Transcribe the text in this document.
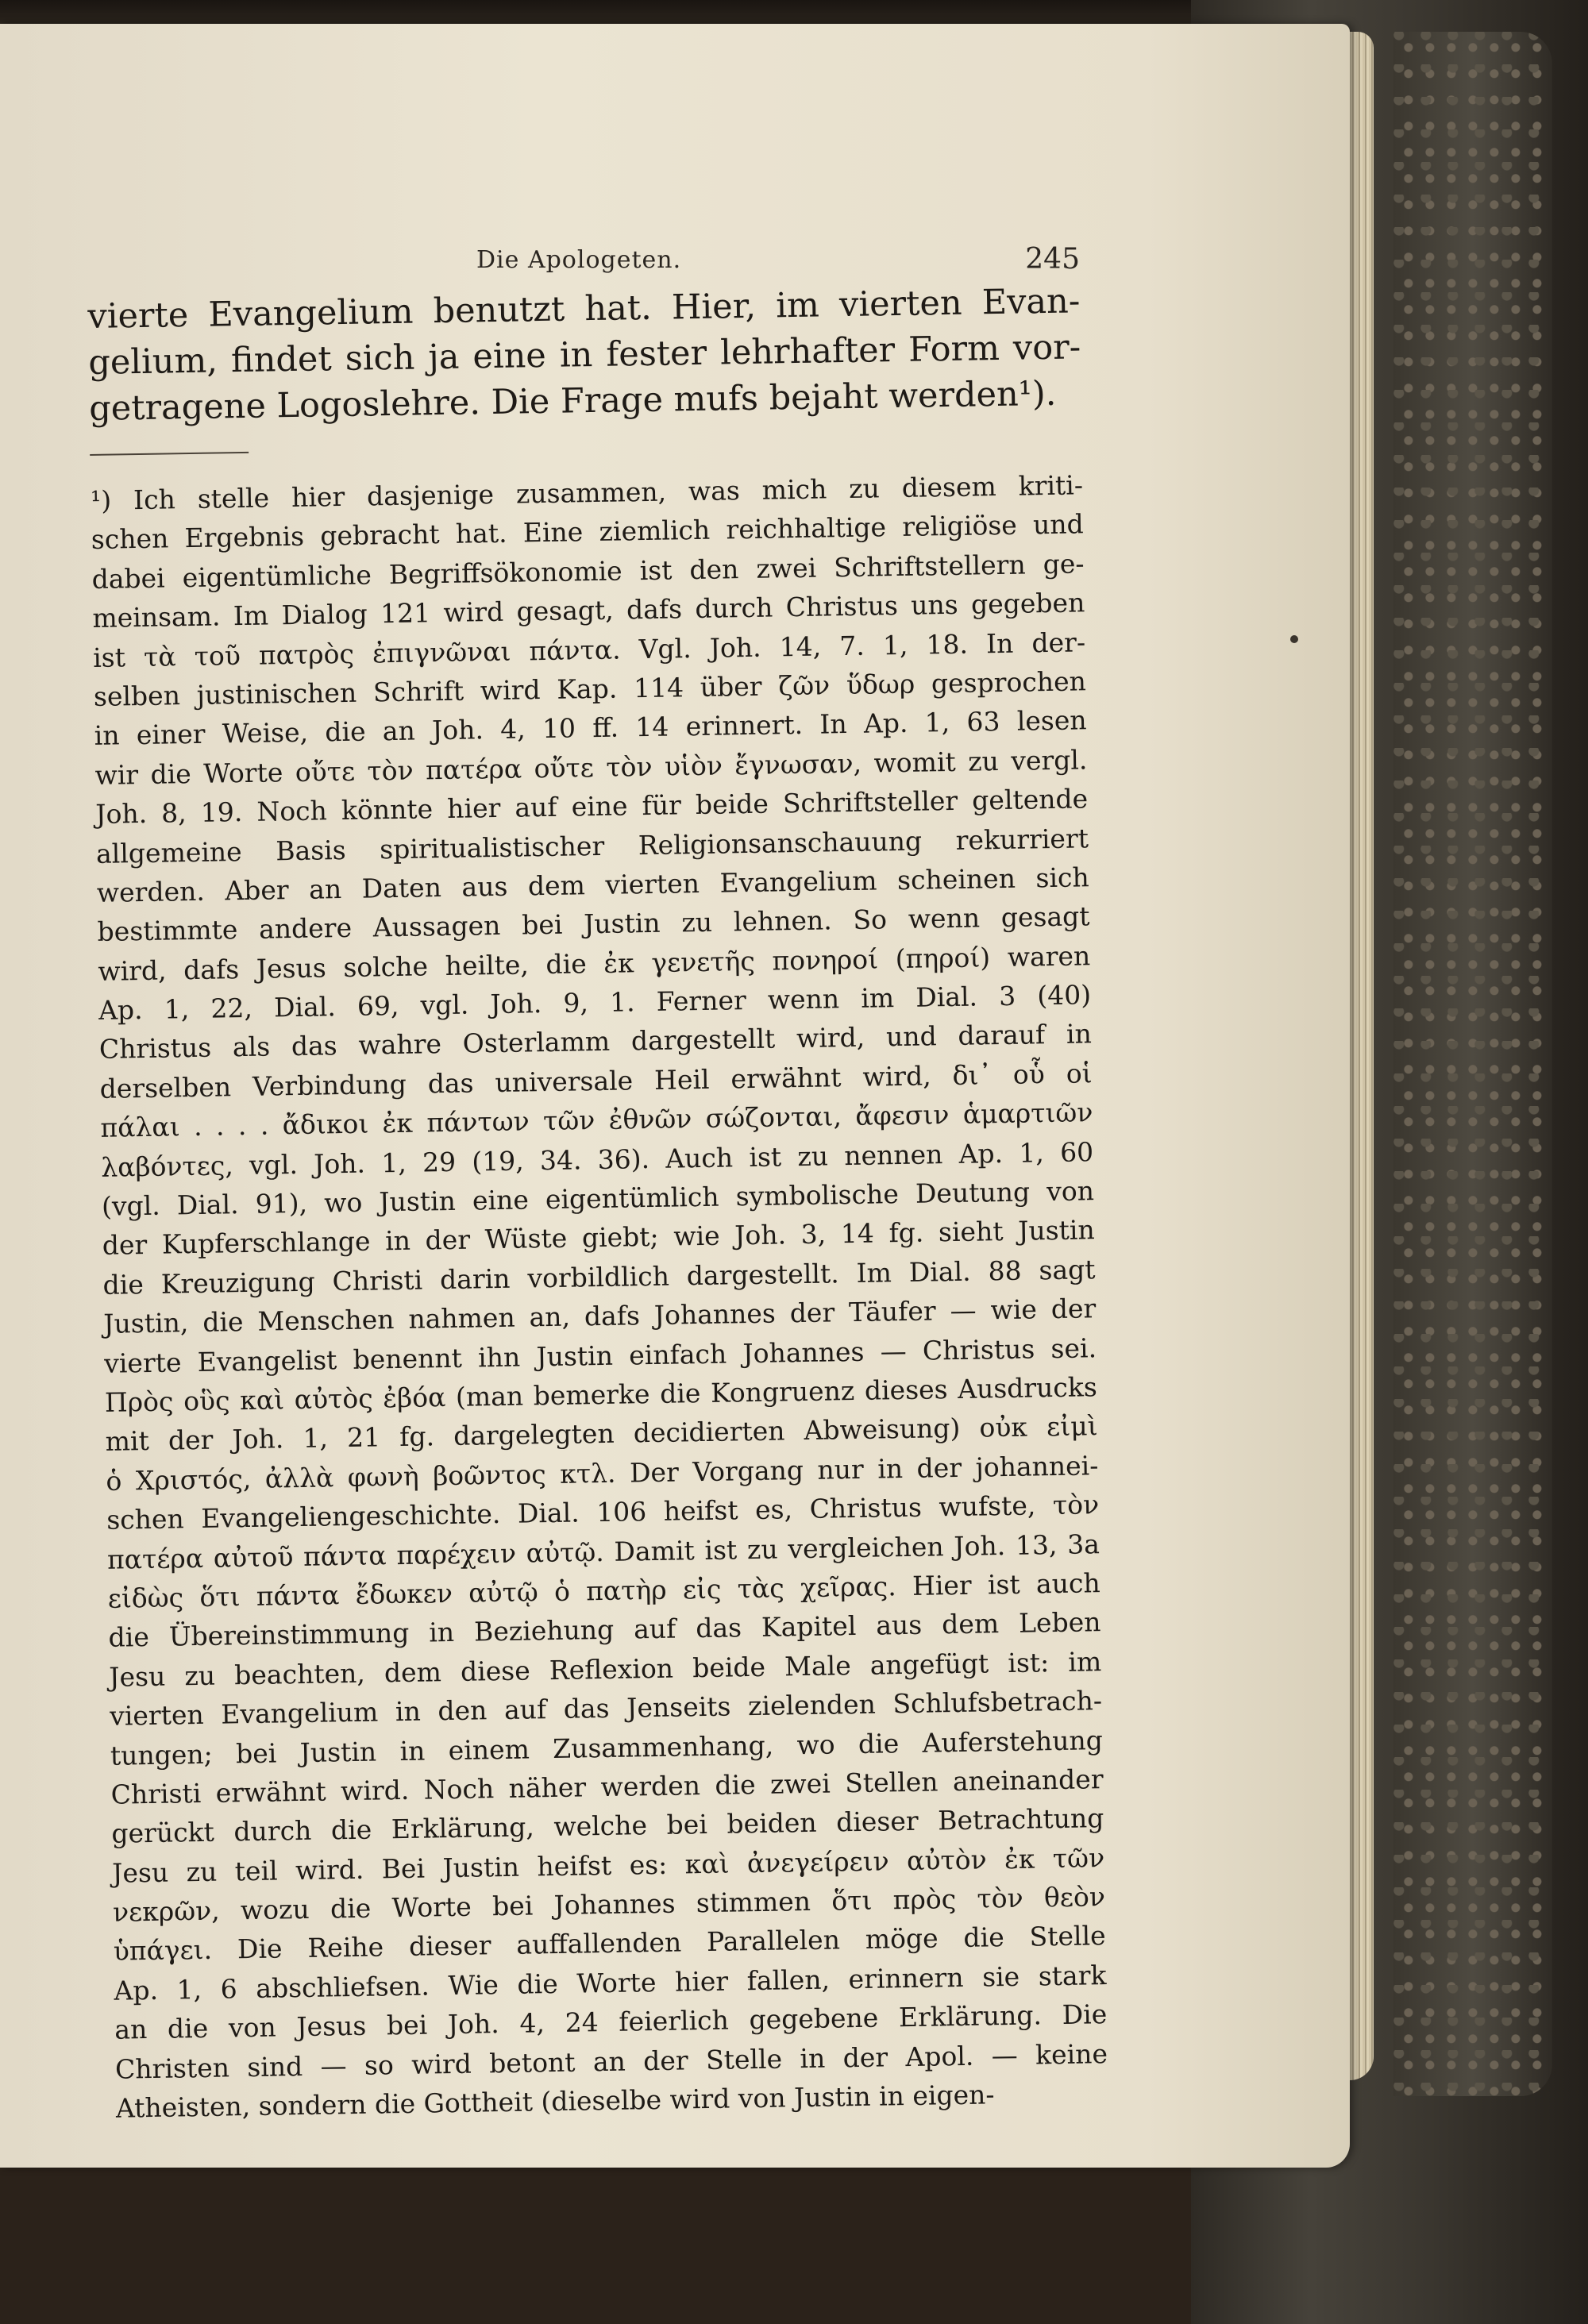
Die Apologeten.	245
vierte Evangelium benutzt hat. Hier, im vierten Evan-
gelium, findet sich ja eine in fester lehrhafter Form vor-
getragene Logoslehre. Die Frage mufs bejaht werden¹).
¹) Ich stelle hier dasjenige zusammen, was mich zu diesem kriti-
schen Ergebnis gebracht hat. Eine ziemlich reichhaltige religiöse und
dabei eigentümliche Begriffsökonomie ist den zwei Schriftstellern ge-
meinsam. Im Dialog 121 wird gesagt, dafs durch Christus uns gegeben
ist τὰ τοῦ πατρὸς ἐπιγνῶναι πάντα. Vgl. Joh. 14, 7. 1, 18. In der-
selben justinischen Schrift wird Kap. 114 über ζῶν ὕδωρ gesprochen
in einer Weise, die an Joh. 4, 10 ff. 14 erinnert. In Ap. 1, 63 lesen
wir die Worte οὔτε τὸν πατέρα οὔτε τὸν υἱὸν ἔγνωσαν, womit zu vergl.
Joh. 8, 19. Noch könnte hier auf eine für beide Schriftsteller geltende
allgemeine Basis spiritualistischer Religionsanschauung rekurriert
werden. Aber an Daten aus dem vierten Evangelium scheinen sich
bestimmte andere Aussagen bei Justin zu lehnen. So wenn gesagt
wird, dafs Jesus solche heilte, die ἐκ γενετῆς πονηροί (πηροί) waren
Ap. 1, 22, Dial. 69, vgl. Joh. 9, 1. Ferner wenn im Dial. 3 (40)
Christus als das wahre Osterlamm dargestellt wird, und darauf in
derselben Verbindung das universale Heil erwähnt wird, δι᾽ οὗ οἱ
πάλαι . . . . ἄδικοι ἐκ πάντων τῶν ἐθνῶν σώζονται, ἄφεσιν ἁμαρτιῶν
λαβόντες, vgl. Joh. 1, 29 (19, 34. 36). Auch ist zu nennen Ap. 1, 60
(vgl. Dial. 91), wo Justin eine eigentümlich symbolische Deutung von
der Kupferschlange in der Wüste giebt; wie Joh. 3, 14 fg. sieht Justin
die Kreuzigung Christi darin vorbildlich dargestellt. Im Dial. 88 sagt
Justin, die Menschen nahmen an, dafs Johannes der Täufer — wie der
vierte Evangelist benennt ihn Justin einfach Johannes — Christus sei.
Πρὸς οὓς καὶ αὐτὸς ἐβόα (man bemerke die Kongruenz dieses Ausdrucks
mit der Joh. 1, 21 fg. dargelegten decidierten Abweisung) οὐκ εἰμὶ
ὁ Χριστός, ἀλλὰ φωνὴ βοῶντος κτλ. Der Vorgang nur in der johannei-
schen Evangeliengeschichte. Dial. 106 heifst es, Christus wufste, τὸν
πατέρα αὐτοῦ πάντα παρέχειν αὐτῷ. Damit ist zu vergleichen Joh. 13, 3a
εἰδὼς ὅτι πάντα ἔδωκεν αὐτῷ ὁ πατὴρ εἰς τὰς χεῖρας. Hier ist auch
die Übereinstimmung in Beziehung auf das Kapitel aus dem Leben
Jesu zu beachten, dem diese Reflexion beide Male angefügt ist: im
vierten Evangelium in den auf das Jenseits zielenden Schlufsbetrach-
tungen; bei Justin in einem Zusammenhang, wo die Auferstehung
Christi erwähnt wird. Noch näher werden die zwei Stellen aneinander
gerückt durch die Erklärung, welche bei beiden dieser Betrachtung
Jesu zu teil wird. Bei Justin heifst es: καὶ ἀνεγείρειν αὐτὸν ἐκ τῶν
νεκρῶν, wozu die Worte bei Johannes stimmen ὅτι πρὸς τὸν θεὸν
ὑπάγει. Die Reihe dieser auffallenden Parallelen möge die Stelle
Ap. 1, 6 abschliefsen. Wie die Worte hier fallen, erinnern sie stark
an die von Jesus bei Joh. 4, 24 feierlich gegebene Erklärung. Die
Christen sind — so wird betont an der Stelle in der Apol. — keine
Atheisten, sondern die Gottheit (dieselbe wird von Justin in eigen-
